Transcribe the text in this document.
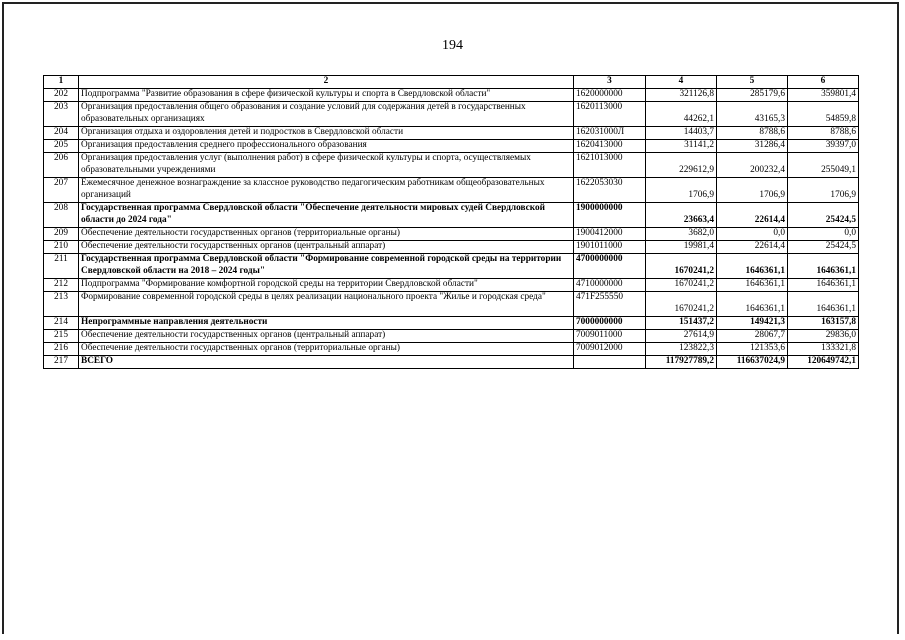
194
1	2	3	4	5	6
202	Подпрограмма "Развитие образования в сфере физической культуры и спорта в Свердловской области"	1620000000	321126,8	285179,6	359801,4
203	Организация предоставления общего образования и создание условий для содержания детей в государственных образовательных организациях	1620113000	44262,1	43165,3	54859,8
204	Организация отдыха и оздоровления детей и подростков в Свердловской области	162031000Л	14403,7	8788,6	8788,6
205	Организация предоставления среднего профессионального образования	1620413000	31141,2	31286,4	39397,0
206	Организация предоставления услуг (выполнения работ) в сфере физической культуры и спорта, осуществляемых образовательными учреждениями	1621013000	229612,9	200232,4	255049,1
207	Ежемесячное денежное вознаграждение за классное руководство педагогическим работникам общеобразовательных организаций	1622053030	1706,9	1706,9	1706,9
208	Государственная программа Свердловской области "Обеспечение деятельности мировых судей Свердловской области до 2024 года"	1900000000	23663,4	22614,4	25424,5
209	Обеспечение деятельности государственных органов (территориальные органы)	1900412000	3682,0	0,0	0,0
210	Обеспечение деятельности государственных органов (центральный аппарат)	1901011000	19981,4	22614,4	25424,5
211	Государственная программа Свердловской области "Формирование современной городской среды на территории Свердловской области на 2018 – 2024 годы"	4700000000	1670241,2	1646361,1	1646361,1
212	Подпрограмма "Формирование комфортной городской среды на территории Свердловской области"	4710000000	1670241,2	1646361,1	1646361,1
213	Формирование современной городской среды в целях реализации национального проекта "Жилье и городская среда"	471F255550	1670241,2	1646361,1	1646361,1
214	Непрограммные направления деятельности	7000000000	151437,2	149421,3	163157,8
215	Обеспечение деятельности государственных органов (центральный аппарат)	7009011000	27614,9	28067,7	29836,0
216	Обеспечение деятельности государственных органов (территориальные органы)	7009012000	123822,3	121353,6	133321,8
217	ВСЕГО		117927789,2	116637024,9	120649742,1
